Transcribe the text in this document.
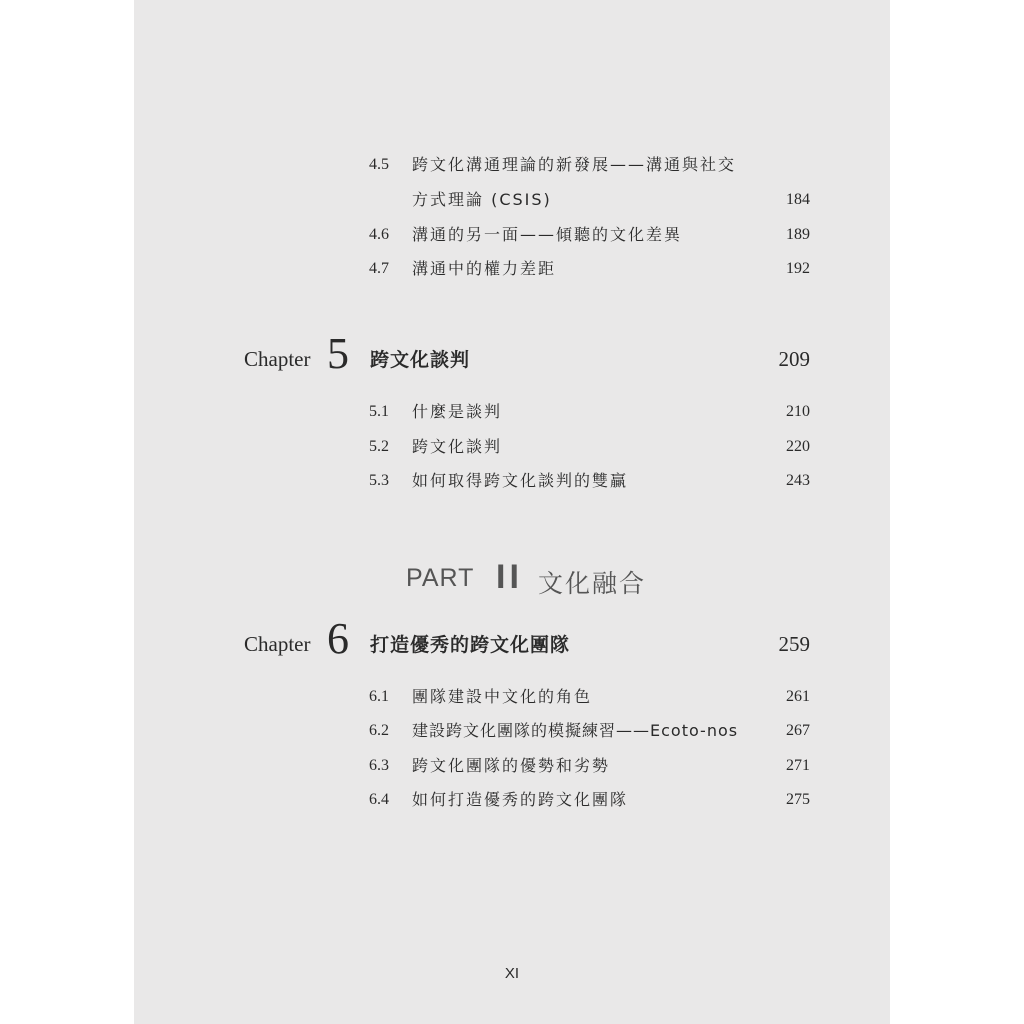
4.5 跨文化溝通理論的新發展——溝通與社交
方式理論 (CSIS)	184
4.6 溝通的另一面——傾聽的文化差異	189
4.7 溝通中的權力差距	192
Chapter 5 跨文化談判	209
5.1 什麼是談判	210
5.2 跨文化談判	220
5.3 如何取得跨文化談判的雙贏	243
PART II 文化融合
Chapter 6 打造優秀的跨文化團隊	259
6.1 團隊建設中文化的角色	261
6.2 建設跨文化團隊的模擬練習——Ecoto-nos	267
6.3 跨文化團隊的優勢和劣勢	271
6.4 如何打造優秀的跨文化團隊	275
XI
